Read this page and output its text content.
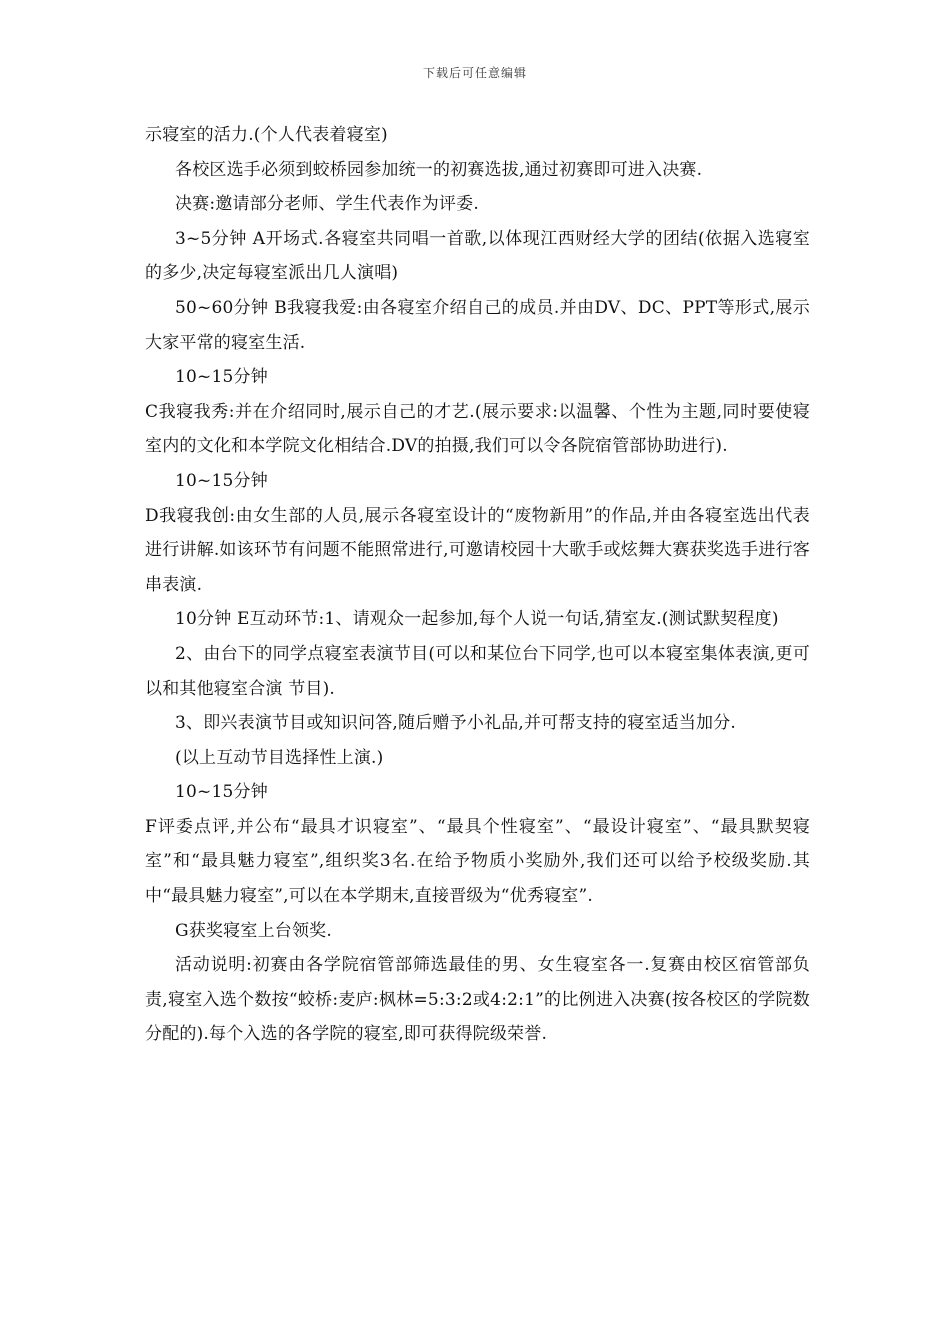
下载后可任意编辑

示寝室的活力.(个人代表着寝室)

各校区选手必须到蛟桥园参加统一的初赛选拔,通过初赛即可进入决赛.

决赛:邀请部分老师、学生代表作为评委.

3~5分钟 A开场式.各寝室共同唱一首歌,以体现江西财经大学的团结(依据入选寝室的多少,决定每寝室派出几人演唱)

50~60分钟 B我寝我爱:由各寝室介绍自己的成员.并由DV、DC、PPT等形式,展示大家平常的寝室生活.

10~15分钟

C我寝我秀:并在介绍同时,展示自己的才艺.(展示要求:以温馨、个性为主题,同时要使寝室内的文化和本学院文化相结合.DV的拍摄,我们可以令各院宿管部协助进行).

10~15分钟

D我寝我创:由女生部的人员,展示各寝室设计的“废物新用”的作品,并由各寝室选出代表进行讲解.如该环节有问题不能照常进行,可邀请校园十大歌手或炫舞大赛获奖选手进行客串表演.

10分钟 E互动环节:1、请观众一起参加,每个人说一句话,猜室友.(测试默契程度)

2、由台下的同学点寝室表演节目(可以和某位台下同学,也可以本寝室集体表演,更可以和其他寝室合演 节目).

3、即兴表演节目或知识问答,随后赠予小礼品,并可帮支持的寝室适当加分.

(以上互动节目选择性上演.)

10~15分钟

F评委点评,并公布“最具才识寝室”、“最具个性寝室”、“最设计寝室”、“最具默契寝室”和“最具魅力寝室”,组织奖3名.在给予物质小奖励外,我们还可以给予校级奖励.其中“最具魅力寝室”,可以在本学期末,直接晋级为“优秀寝室”.

G获奖寝室上台领奖.

活动说明:初赛由各学院宿管部筛选最佳的男、女生寝室各一.复赛由校区宿管部负责,寝室入选个数按“蛟桥:麦庐:枫林=5:3:2或4:2:1”的比例进入决赛(按各校区的学院数分配的).每个入选的各学院的寝室,即可获得院级荣誉.
